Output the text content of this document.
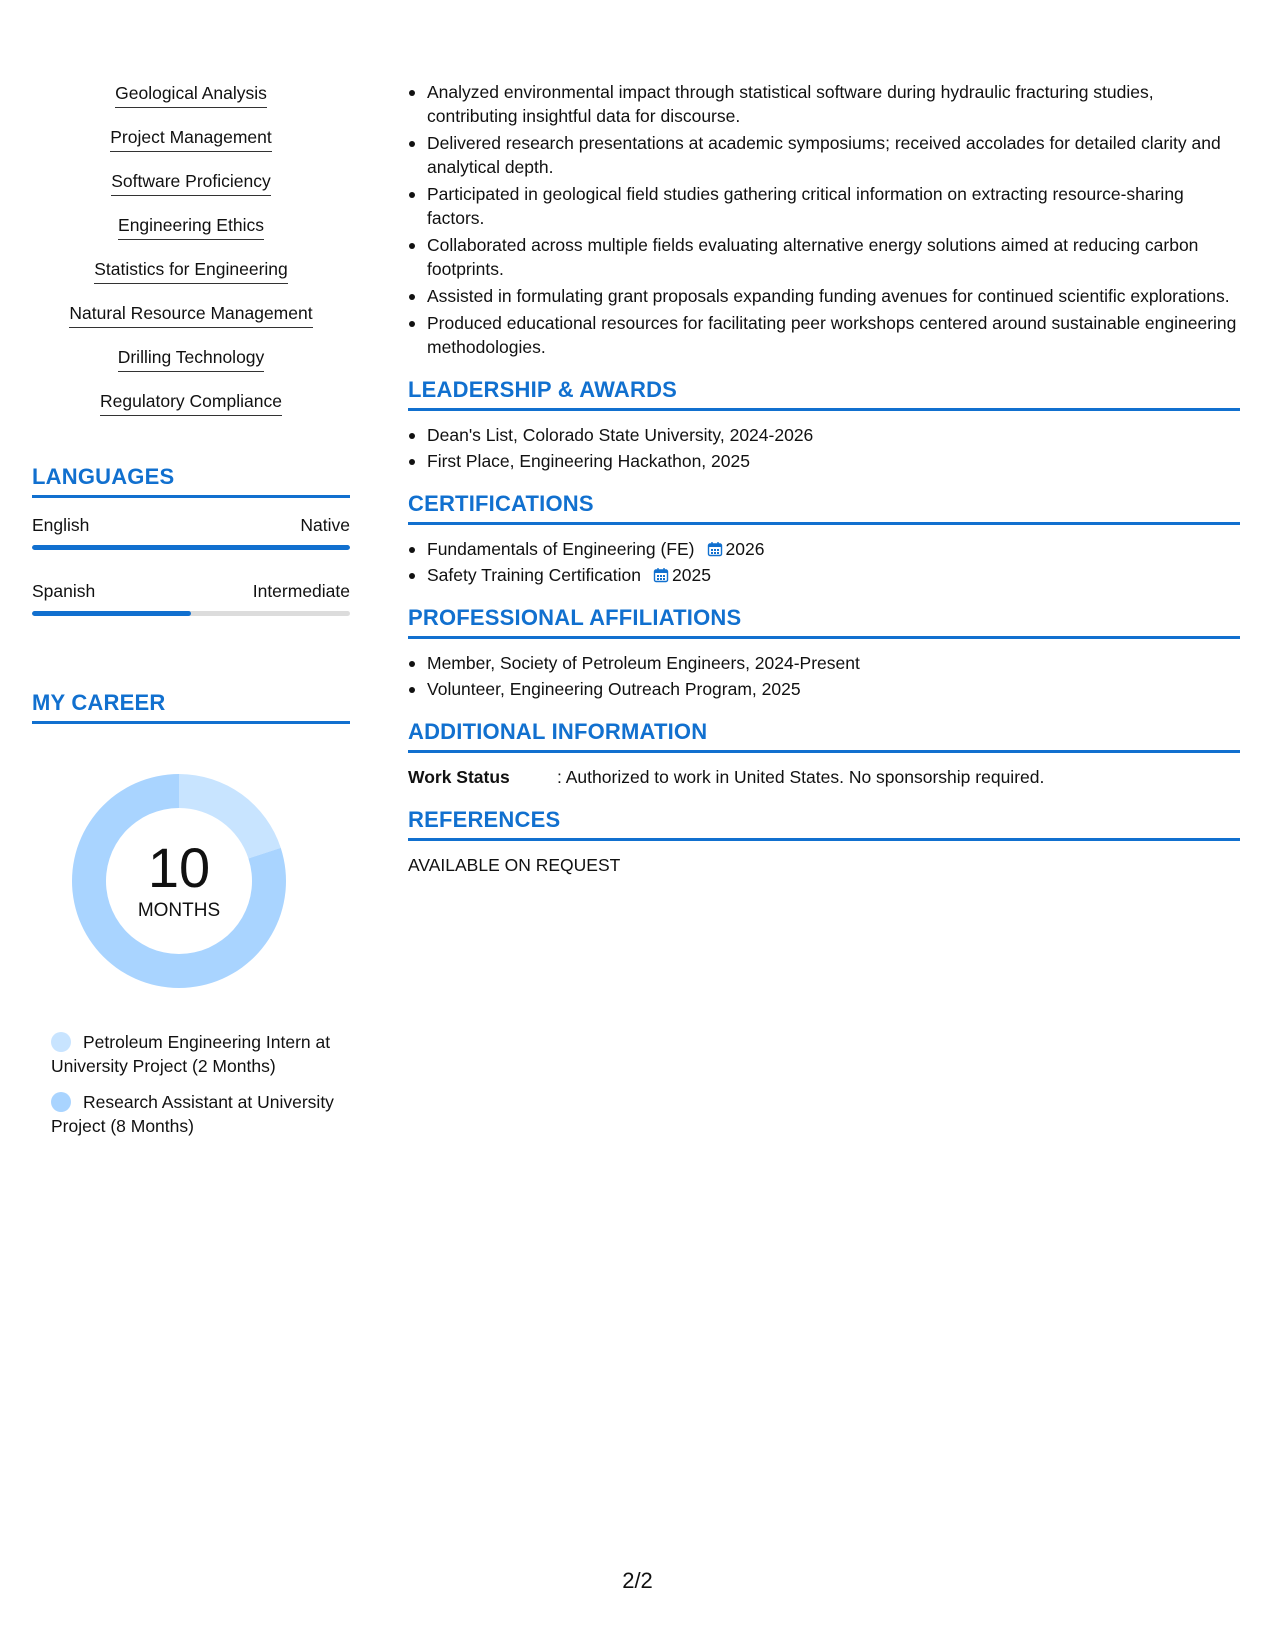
Geological Analysis
Project Management
Software Proficiency
Engineering Ethics
Statistics for Engineering
Natural Resource Management
Drilling Technology
Regulatory Compliance
LANGUAGES
English	Native
Spanish	Intermediate
MY CAREER
10
MONTHS
Petroleum Engineering Intern at University Project (2 Months)
Research Assistant at University Project (8 Months)
Analyzed environmental impact through statistical software during hydraulic fracturing studies, contributing insightful data for discourse.
Delivered research presentations at academic symposiums; received accolades for detailed clarity and analytical depth.
Participated in geological field studies gathering critical information on extracting resource-sharing factors.
Collaborated across multiple fields evaluating alternative energy solutions aimed at reducing carbon footprints.
Assisted in formulating grant proposals expanding funding avenues for continued scientific explorations.
Produced educational resources for facilitating peer workshops centered around sustainable engineering methodologies.
LEADERSHIP & AWARDS
Dean's List, Colorado State University, 2024-2026
First Place, Engineering Hackathon, 2025
CERTIFICATIONS
Fundamentals of Engineering (FE) 2026
Safety Training Certification 2025
PROFESSIONAL AFFILIATIONS
Member, Society of Petroleum Engineers, 2024-Present
Volunteer, Engineering Outreach Program, 2025
ADDITIONAL INFORMATION
Work Status	: Authorized to work in United States. No sponsorship required.
REFERENCES
AVAILABLE ON REQUEST
2/2
